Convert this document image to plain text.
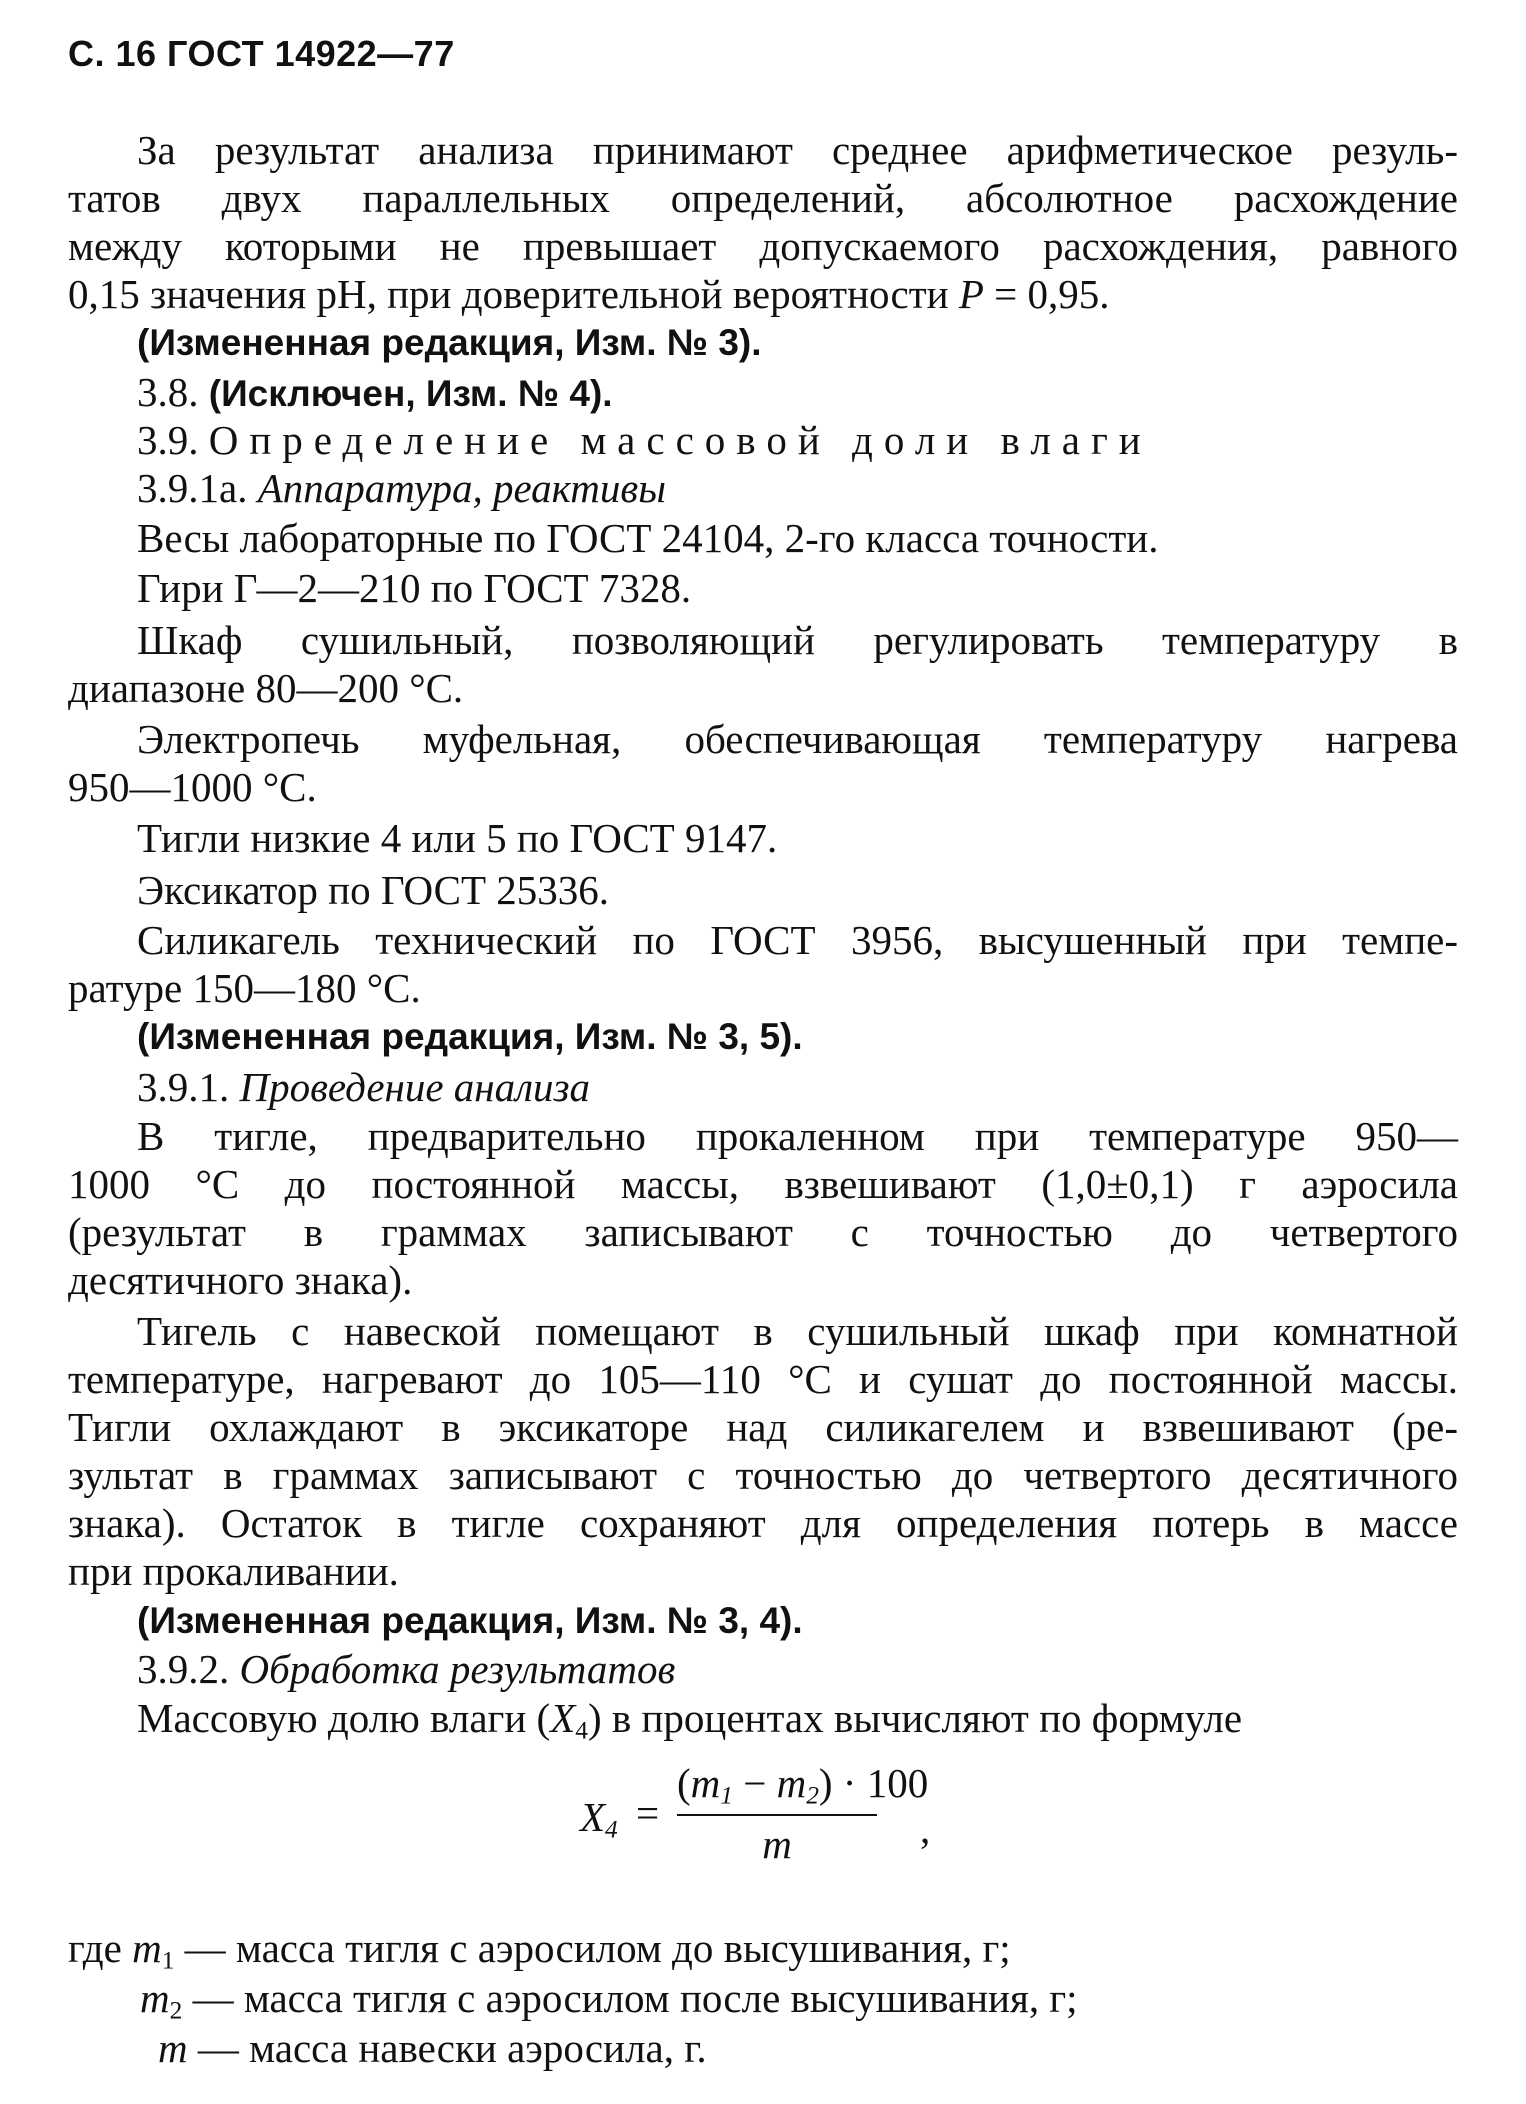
С. 16 ГОСТ 14922—77
За результат анализа принимают среднее арифметическое резуль-
татов двух параллельных определений, абсолютное расхождение
между которыми не превышает допускаемого расхождения, равного
0,15 значения pH, при доверительной вероятности P = 0,95.
(Измененная редакция, Изм. № 3).
3.8. (Исключен, Изм. № 4).
3.9. Определение массовой доли влаги
3.9.1а. Аппаратура, реактивы
Весы лабораторные по ГОСТ 24104, 2-го класса точности.
Гири Г—2—210 по ГОСТ 7328.
Шкаф сушильный, позволяющий регулировать температуру в
диапазоне 80—200 °С.
Электропечь муфельная, обеспечивающая температуру нагрева
950—1000 °С.
Тигли низкие 4 или 5 по ГОСТ 9147.
Эксикатор по ГОСТ 25336.
Силикагель технический по ГОСТ 3956, высушенный при темпе-
ратуре 150—180 °С.
(Измененная редакция, Изм. № 3, 5).
3.9.1. Проведение анализа
В тигле, предварительно прокаленном при температуре 950—
1000 °С до постоянной массы, взвешивают (1,0±0,1) г аэросила
(результат в граммах записывают с точностью до четвертого
десятичного знака).
Тигель с навеской помещают в сушильный шкаф при комнатной
температуре, нагревают до 105—110 °С и сушат до постоянной массы.
Тигли охлаждают в эксикаторе над силикагелем и взвешивают (ре-
зультат в граммах записывают с точностью до четвертого десятичного
знака). Остаток в тигле сохраняют для определения потерь в массе
при прокаливании.
(Измененная редакция, Изм. № 3, 4).
3.9.2. Обработка результатов
Массовую долю влаги $(X_4)$ в процентах вычисляют по формуле
$X_4$ =
$(m_1 - m_2) \cdot 100$
m	,
где $m_1$ — масса тигля с аэросилом до высушивания, г;
$m_2$ — масса тигля с аэросилом после высушивания, г;
m — масса навески аэросила, г.
